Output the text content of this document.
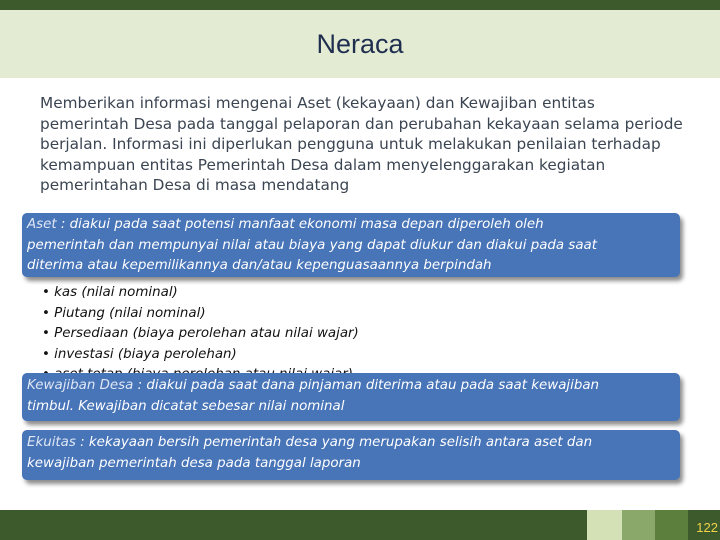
Neraca
Memberikan informasi mengenai Aset (kekayaan) dan Kewajiban entitas
pemerintah Desa pada tanggal pelaporan dan perubahan kekayaan selama periode
berjalan. Informasi ini diperlukan pengguna untuk melakukan penilaian terhadap
kemampuan entitas Pemerintah Desa dalam menyelenggarakan kegiatan
pemerintahan Desa di masa mendatang
Aset : diakui pada saat potensi manfaat ekonomi masa depan diperoleh oleh
pemerintah dan mempunyai nilai atau biaya yang dapat diukur dan diakui pada saat
diterima atau kepemilikannya dan/atau kepenguasaannya berpindah
• kas (nilai nominal)
• Piutang (nilai nominal)
• Persediaan (biaya perolehan atau nilai wajar)
• investasi (biaya perolehan)
Kewajiban Desa : diakui pada saat dana pinjaman diterima atau pada saat kewajiban
timbul. Kewajiban dicatat sebesar nilai nominal
Ekuitas : kekayaan bersih pemerintah desa yang merupakan selisih antara aset dan
kewajiban pemerintah desa pada tanggal laporan
122
